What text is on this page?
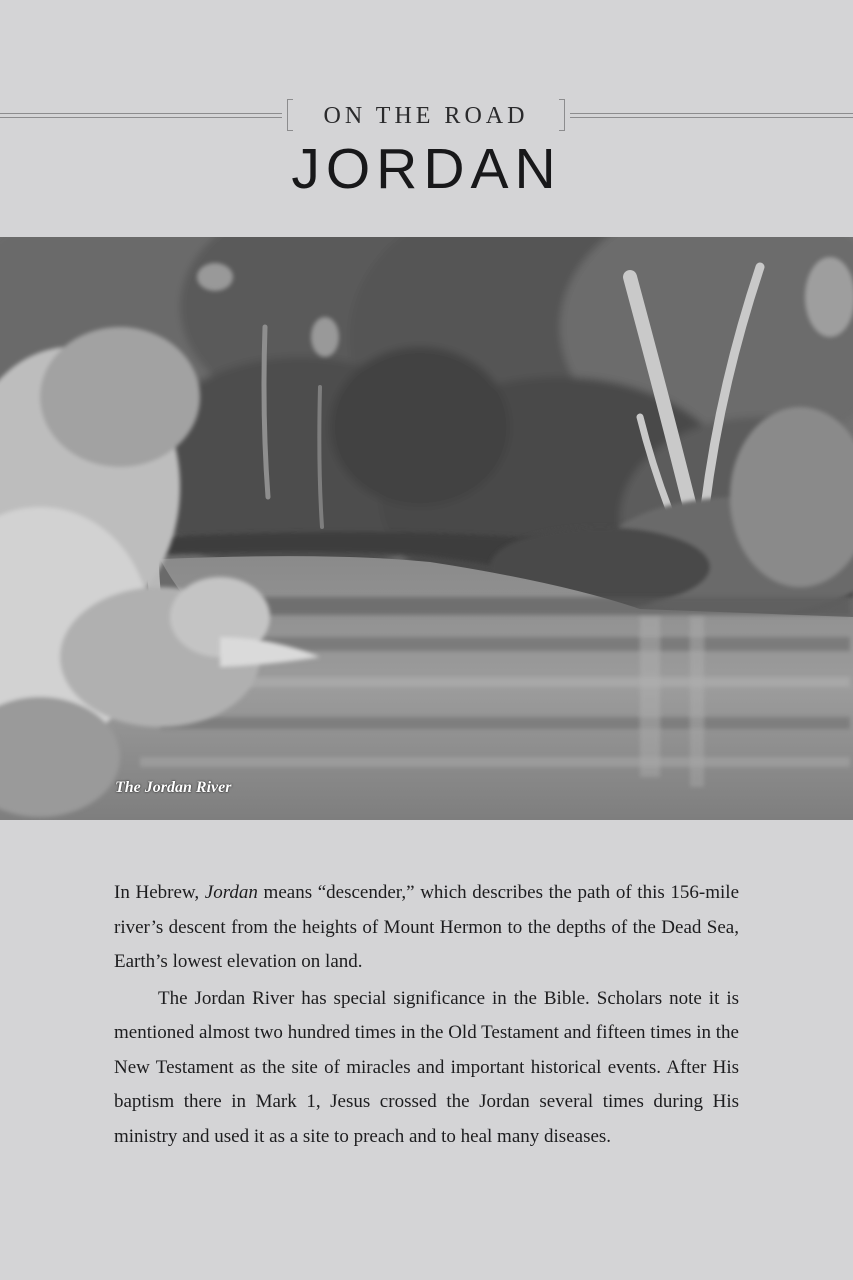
ON THE ROAD
JORDAN
The Jordan River

In Hebrew, Jordan means “descender,” which describes the path of this 156-mile river’s descent from the heights of Mount Hermon to the depths of the Dead Sea, Earth’s lowest elevation on land.

The Jordan River has special significance in the Bible. Scholars note it is mentioned almost two hundred times in the Old Testament and fifteen times in the New Testament as the site of miracles and important historical events. After His baptism there in Mark 1, Jesus crossed the Jordan several times during His ministry and used it as a site to preach and to heal many diseases.
